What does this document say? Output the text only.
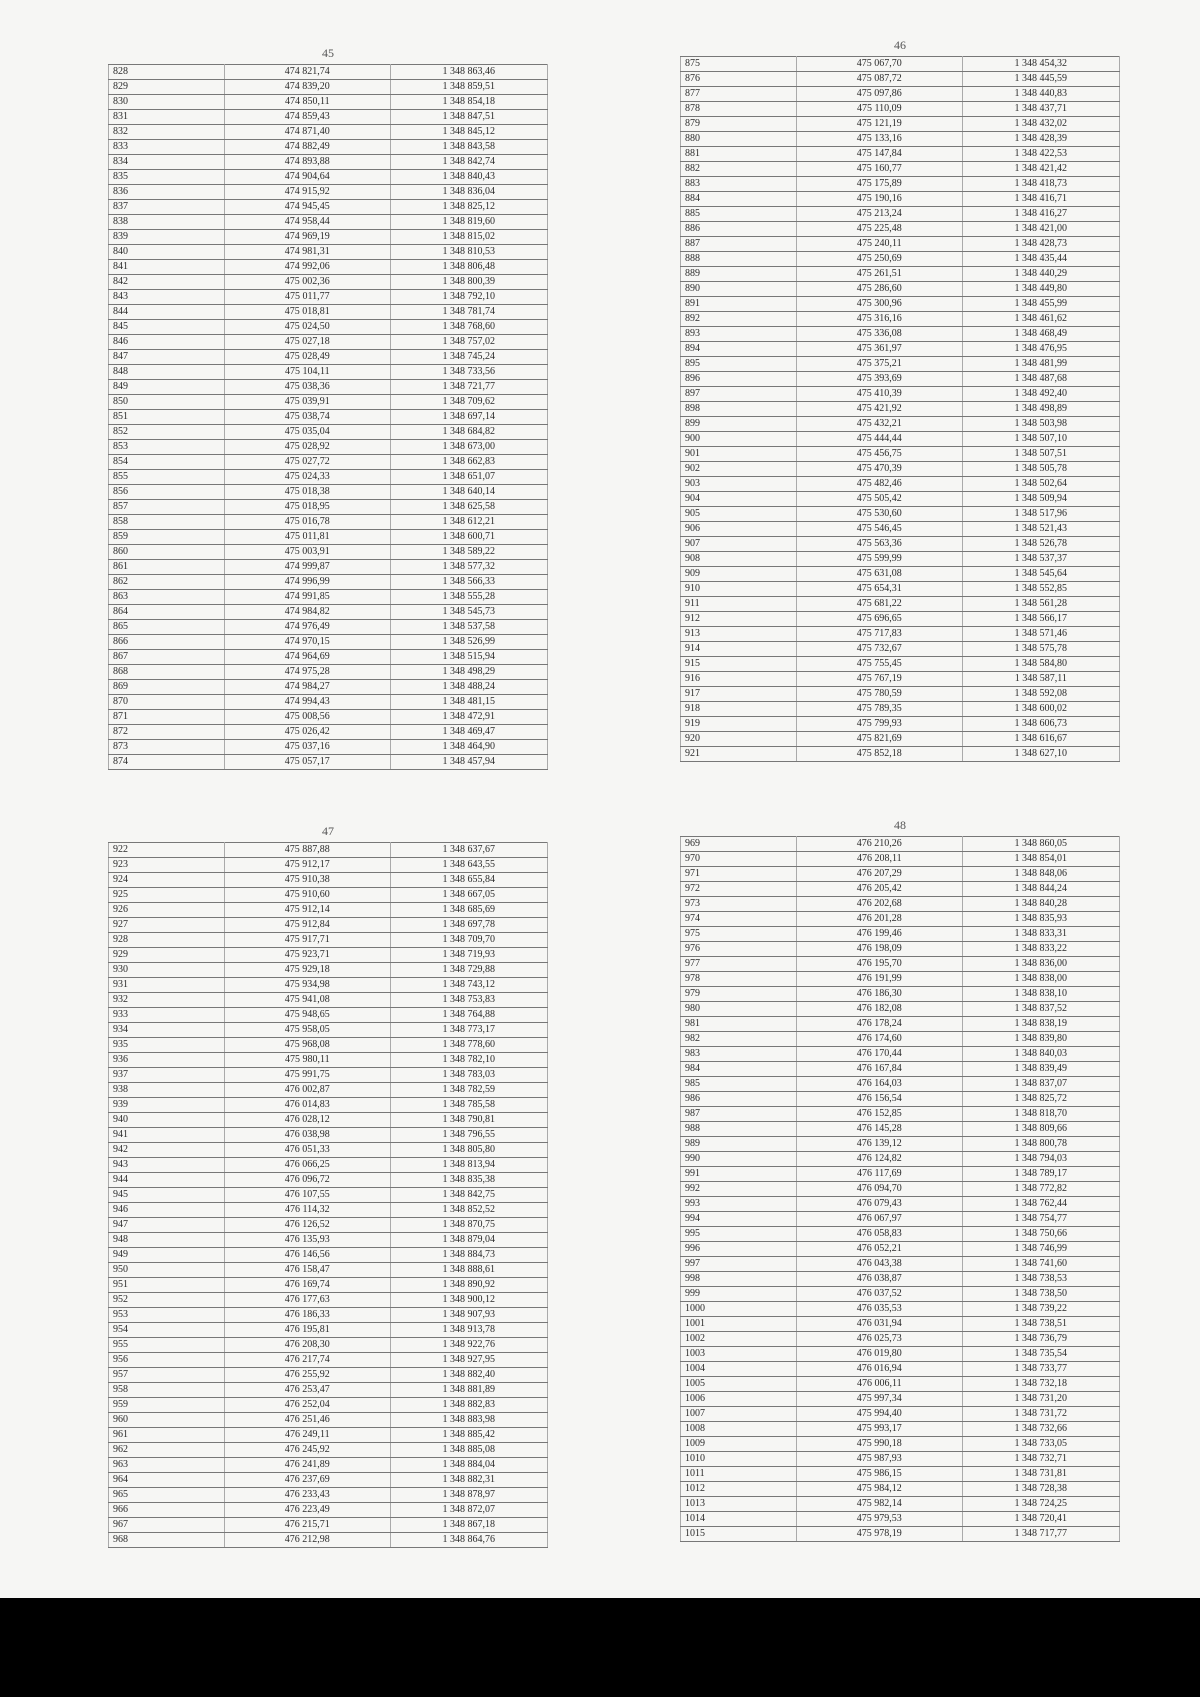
45
828	474 821,74	1 348 863,46
829	474 839,20	1 348 859,51
830	474 850,11	1 348 854,18
831	474 859,43	1 348 847,51
832	474 871,40	1 348 845,12
833	474 882,49	1 348 843,58
834	474 893,88	1 348 842,74
835	474 904,64	1 348 840,43
836	474 915,92	1 348 836,04
837	474 945,45	1 348 825,12
838	474 958,44	1 348 819,60
839	474 969,19	1 348 815,02
840	474 981,31	1 348 810,53
841	474 992,06	1 348 806,48
842	475 002,36	1 348 800,39
843	475 011,77	1 348 792,10
844	475 018,81	1 348 781,74
845	475 024,50	1 348 768,60
846	475 027,18	1 348 757,02
847	475 028,49	1 348 745,24
848	475 104,11	1 348 733,56
849	475 038,36	1 348 721,77
850	475 039,91	1 348 709,62
851	475 038,74	1 348 697,14
852	475 035,04	1 348 684,82
853	475 028,92	1 348 673,00
854	475 027,72	1 348 662,83
855	475 024,33	1 348 651,07
856	475 018,38	1 348 640,14
857	475 018,95	1 348 625,58
858	475 016,78	1 348 612,21
859	475 011,81	1 348 600,71
860	475 003,91	1 348 589,22
861	474 999,87	1 348 577,32
862	474 996,99	1 348 566,33
863	474 991,85	1 348 555,28
864	474 984,82	1 348 545,73
865	474 976,49	1 348 537,58
866	474 970,15	1 348 526,99
867	474 964,69	1 348 515,94
868	474 975,28	1 348 498,29
869	474 984,27	1 348 488,24
870	474 994,43	1 348 481,15
871	475 008,56	1 348 472,91
872	475 026,42	1 348 469,47
873	475 037,16	1 348 464,90
874	475 057,17	1 348 457,94
46
875	475 067,70	1 348 454,32
876	475 087,72	1 348 445,59
877	475 097,86	1 348 440,83
878	475 110,09	1 348 437,71
879	475 121,19	1 348 432,02
880	475 133,16	1 348 428,39
881	475 147,84	1 348 422,53
882	475 160,77	1 348 421,42
883	475 175,89	1 348 418,73
884	475 190,16	1 348 416,71
885	475 213,24	1 348 416,27
886	475 225,48	1 348 421,00
887	475 240,11	1 348 428,73
888	475 250,69	1 348 435,44
889	475 261,51	1 348 440,29
890	475 286,60	1 348 449,80
891	475 300,96	1 348 455,99
892	475 316,16	1 348 461,62
893	475 336,08	1 348 468,49
894	475 361,97	1 348 476,95
895	475 375,21	1 348 481,99
896	475 393,69	1 348 487,68
897	475 410,39	1 348 492,40
898	475 421,92	1 348 498,89
899	475 432,21	1 348 503,98
900	475 444,44	1 348 507,10
901	475 456,75	1 348 507,51
902	475 470,39	1 348 505,78
903	475 482,46	1 348 502,64
904	475 505,42	1 348 509,94
905	475 530,60	1 348 517,96
906	475 546,45	1 348 521,43
907	475 563,36	1 348 526,78
908	475 599,99	1 348 537,37
909	475 631,08	1 348 545,64
910	475 654,31	1 348 552,85
911	475 681,22	1 348 561,28
912	475 696,65	1 348 566,17
913	475 717,83	1 348 571,46
914	475 732,67	1 348 575,78
915	475 755,45	1 348 584,80
916	475 767,19	1 348 587,11
917	475 780,59	1 348 592,08
918	475 789,35	1 348 600,02
919	475 799,93	1 348 606,73
920	475 821,69	1 348 616,67
921	475 852,18	1 348 627,10
47
922	475 887,88	1 348 637,67
923	475 912,17	1 348 643,55
924	475 910,38	1 348 655,84
925	475 910,60	1 348 667,05
926	475 912,14	1 348 685,69
927	475 912,84	1 348 697,78
928	475 917,71	1 348 709,70
929	475 923,71	1 348 719,93
930	475 929,18	1 348 729,88
931	475 934,98	1 348 743,12
932	475 941,08	1 348 753,83
933	475 948,65	1 348 764,88
934	475 958,05	1 348 773,17
935	475 968,08	1 348 778,60
936	475 980,11	1 348 782,10
937	475 991,75	1 348 783,03
938	476 002,87	1 348 782,59
939	476 014,83	1 348 785,58
940	476 028,12	1 348 790,81
941	476 038,98	1 348 796,55
942	476 051,33	1 348 805,80
943	476 066,25	1 348 813,94
944	476 096,72	1 348 835,38
945	476 107,55	1 348 842,75
946	476 114,32	1 348 852,52
947	476 126,52	1 348 870,75
948	476 135,93	1 348 879,04
949	476 146,56	1 348 884,73
950	476 158,47	1 348 888,61
951	476 169,74	1 348 890,92
952	476 177,63	1 348 900,12
953	476 186,33	1 348 907,93
954	476 195,81	1 348 913,78
955	476 208,30	1 348 922,76
956	476 217,74	1 348 927,95
957	476 255,92	1 348 882,40
958	476 253,47	1 348 881,89
959	476 252,04	1 348 882,83
960	476 251,46	1 348 883,98
961	476 249,11	1 348 885,42
962	476 245,92	1 348 885,08
963	476 241,89	1 348 884,04
964	476 237,69	1 348 882,31
965	476 233,43	1 348 878,97
966	476 223,49	1 348 872,07
967	476 215,71	1 348 867,18
968	476 212,98	1 348 864,76
48
969	476 210,26	1 348 860,05
970	476 208,11	1 348 854,01
971	476 207,29	1 348 848,06
972	476 205,42	1 348 844,24
973	476 202,68	1 348 840,28
974	476 201,28	1 348 835,93
975	476 199,46	1 348 833,31
976	476 198,09	1 348 833,22
977	476 195,70	1 348 836,00
978	476 191,99	1 348 838,00
979	476 186,30	1 348 838,10
980	476 182,08	1 348 837,52
981	476 178,24	1 348 838,19
982	476 174,60	1 348 839,80
983	476 170,44	1 348 840,03
984	476 167,84	1 348 839,49
985	476 164,03	1 348 837,07
986	476 156,54	1 348 825,72
987	476 152,85	1 348 818,70
988	476 145,28	1 348 809,66
989	476 139,12	1 348 800,78
990	476 124,82	1 348 794,03
991	476 117,69	1 348 789,17
992	476 094,70	1 348 772,82
993	476 079,43	1 348 762,44
994	476 067,97	1 348 754,77
995	476 058,83	1 348 750,66
996	476 052,21	1 348 746,99
997	476 043,38	1 348 741,60
998	476 038,87	1 348 738,53
999	476 037,52	1 348 738,50
1000	476 035,53	1 348 739,22
1001	476 031,94	1 348 738,51
1002	476 025,73	1 348 736,79
1003	476 019,80	1 348 735,54
1004	476 016,94	1 348 733,77
1005	476 006,11	1 348 732,18
1006	475 997,34	1 348 731,20
1007	475 994,40	1 348 731,72
1008	475 993,17	1 348 732,66
1009	475 990,18	1 348 733,05
1010	475 987,93	1 348 732,71
1011	475 986,15	1 348 731,81
1012	475 984,12	1 348 728,38
1013	475 982,14	1 348 724,25
1014	475 979,53	1 348 720,41
1015	475 978,19	1 348 717,77
